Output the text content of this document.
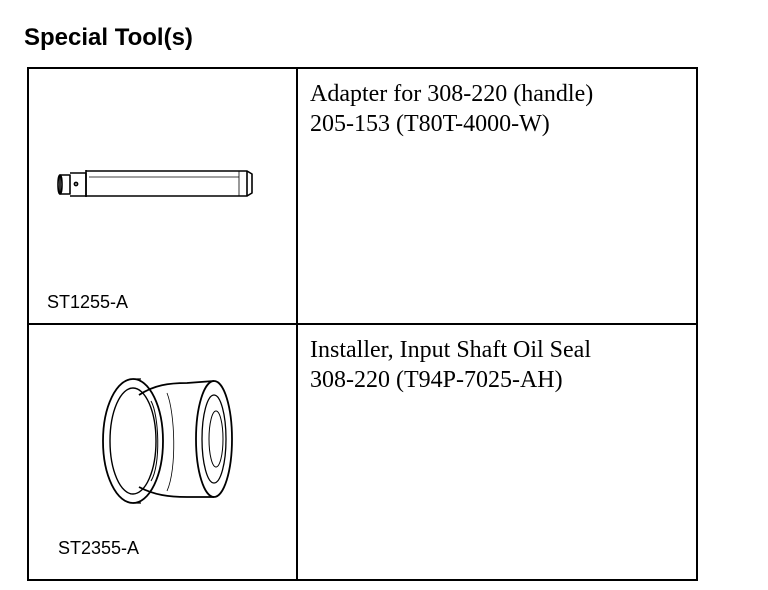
Special Tool(s)
ST1255-A	Adapter for 308-220 (handle)
205-153 (T80T-4000-W)

ST2355-A	Installer, Input Shaft Oil Seal
308-220 (T94P-7025-AH)
